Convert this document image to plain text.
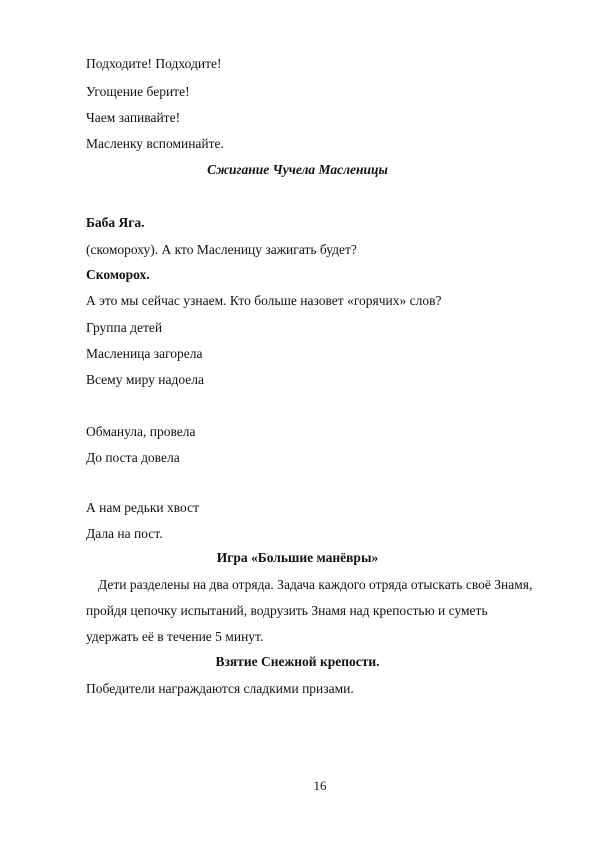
Подходите! Подходите!
Угощение берите!
Чаем запивайте!
Масленку вспоминайте.
Сжигание Чучела Масленицы
Баба Яга.
(скомороху). А кто Масленицу зажигать будет?
Скоморох.
А это мы сейчас узнаем. Кто больше назовет «горячих» слов?
Группа детей
Масленица загорела
Всему миру надоела
Обманула, провела
До поста довела
А нам редьки хвост
Дала на пост.
Игра «Большие манёвры»
Дети разделены на два отряда. Задача каждого отряда отыскать своё Знамя,
пройдя цепочку испытаний, водрузить Знамя над крепостью и суметь
удержать её в течение 5 минут.
Взятие Снежной крепости.
Победители награждаются сладкими призами.
16
